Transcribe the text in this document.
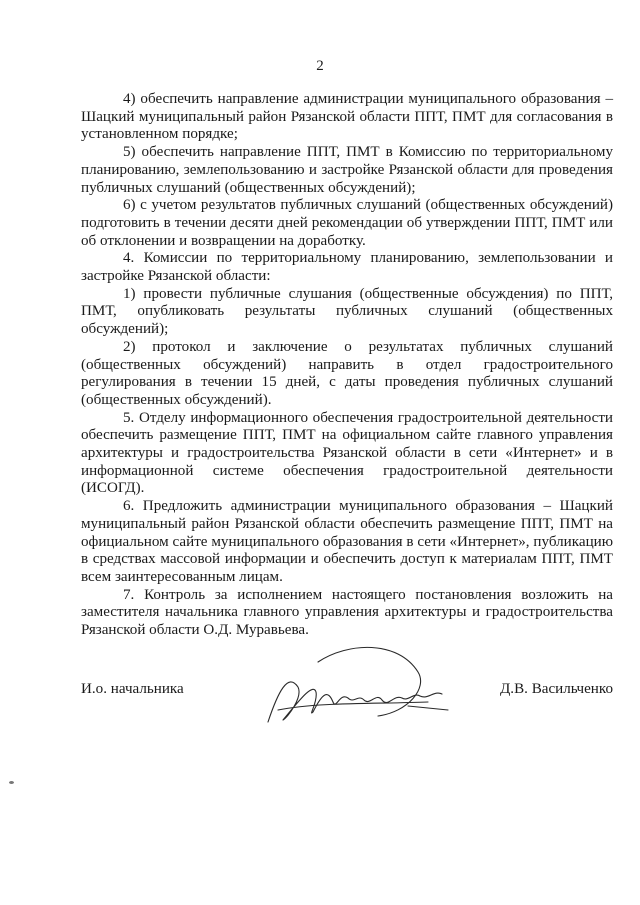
2

4) обеспечить направление администрации муниципального образования – Шацкий муниципальный район Рязанской области ППТ, ПМТ для согласования в установленном порядке;

5) обеспечить направление ППТ, ПМТ в Комиссию по территориальному планированию, землепользованию и застройке Рязанской области для проведения публичных слушаний (общественных обсуждений);

6) с учетом результатов публичных слушаний (общественных обсуждений) подготовить в течении десяти дней рекомендации об утверждении ППТ, ПМТ или об отклонении и возвращении на доработку.

4. Комиссии по территориальному планированию, землепользовании и застройке Рязанской области:

1) провести публичные слушания (общественные обсуждения) по ППТ, ПМТ, опубликовать результаты публичных слушаний (общественных обсуждений);

2) протокол и заключение о результатах публичных слушаний (общественных обсуждений) направить в отдел градостроительного регулирования в течении 15 дней, с даты проведения публичных слушаний (общественных обсуждений).

5. Отделу информационного обеспечения градостроительной деятельности обеспечить размещение ППТ, ПМТ на официальном сайте главного управления архитектуры и градостроительства Рязанской области в сети «Интернет» и в информационной системе обеспечения градостроительной деятельности (ИСОГД).

6. Предложить администрации муниципального образования – Шацкий муниципальный район Рязанской области обеспечить размещение ППТ, ПМТ на официальном сайте муниципального образования в сети «Интернет», публикацию в средствах массовой информации и обеспечить доступ к материалам ППТ, ПМТ всем заинтересованным лицам.

7. Контроль за исполнением настоящего постановления возложить на заместителя начальника главного управления архитектуры и градостроительства Рязанской области О.Д. Муравьева.

И.о. начальника	Д.В. Васильченко
